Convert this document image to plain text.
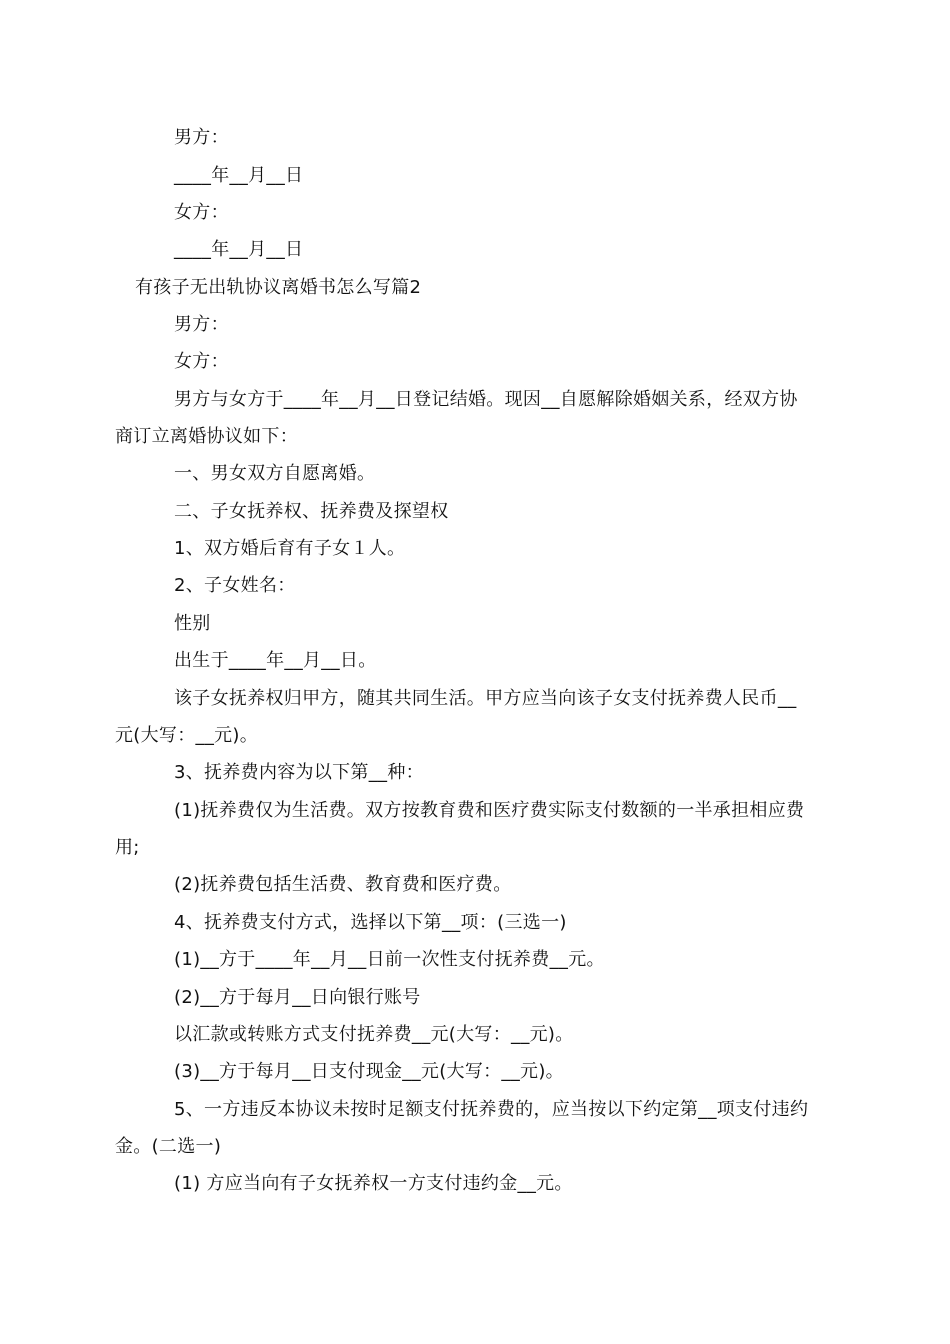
男方：
____年__月__日
女方：
____年__月__日
有孩子无出轨协议离婚书怎么写篇2
男方：
女方：
男方与女方于____年__月__日登记结婚。现因__自愿解除婚姻关系，经双方协
商订立离婚协议如下：
一、男女双方自愿离婚。
二、子女抚养权、抚养费及探望权
1、双方婚后育有子女１人。
2、子女姓名：
性别
出生于____年__月__日。
该子女抚养权归甲方，随其共同生活。甲方应当向该子女支付抚养费人民币__
元(大写：__元)。
3、抚养费内容为以下第__种：
(1)抚养费仅为生活费。双方按教育费和医疗费实际支付数额的一半承担相应费
用;
(2)抚养费包括生活费、教育费和医疗费。
4、抚养费支付方式，选择以下第__项：(三选一)
(1)__方于____年__月__日前一次性支付抚养费__元。
(2)__方于每月__日向银行账号
以汇款或转账方式支付抚养费__元(大写：__元)。
(3)__方于每月__日支付现金__元(大写：__元)。
5、一方违反本协议未按时足额支付抚养费的，应当按以下约定第__项支付违约
金。(二选一)
(1) 方应当向有子女抚养权一方支付违约金__元。
